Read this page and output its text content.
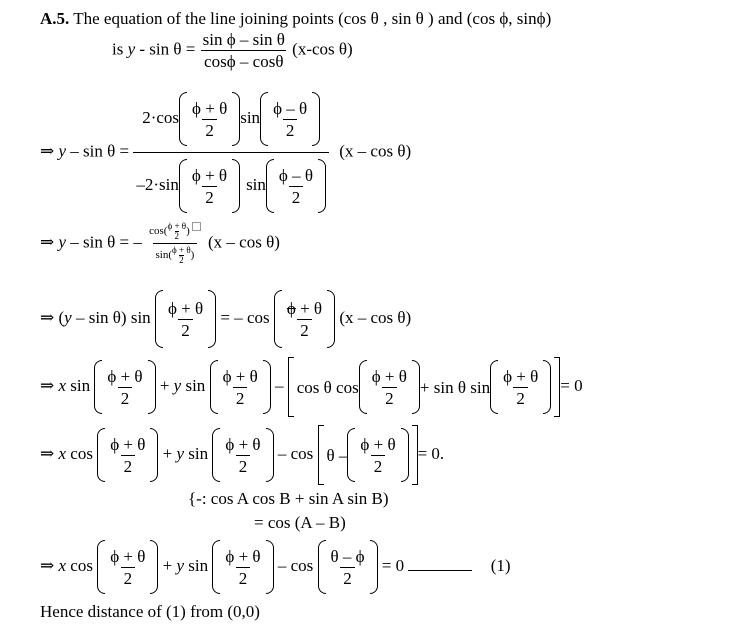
A.5. The equation of the line joining points (cos θ , sin θ ) and (cos ϕ, sinϕ)
is $y - \sin \theta = \frac{\text{sin ϕ – sin θ}}{\cos\phi - \cos\theta} (x-\cos$ θ)
⇒ $y - \sin \theta = \frac{2\cdot\cos \frac{\phi + \theta}{2} \sin \frac{\phi - \theta}{2}}{-2\cdot\sin \frac{\phi + \theta}{2} \sin \frac{\phi - \theta}{2}} (x - \cos \theta)$
⇒ y – sin θ = – $\frac{\cos( \frac{\phi + \theta}{2} )}{\sin( \frac{\phi + \theta}{2} )} (x$ – cos θ)
⇒ (y – sin θ) $\sin \frac{\phi + \theta}{2}$ = – $\cos \frac{\phi + \theta}{2} (x$ – cos θ)
⇒ x $\sin \frac{\phi + \theta}{2} + y$ $\sin \frac{\phi + \theta}{2}$ – cos θ $\cos \frac{\phi + \theta}{2} + \sin \theta$ $\sin \frac{\phi + \theta}{2} = 0$
⇒ x $\cos \frac{\phi + \theta}{2} + y$ $\sin \frac{\phi + \theta}{2} - \cos \theta - \frac{\phi + \theta}{2} = 0$.
{-: cos A cos B + sin A sin B)
= cos (A – B)
⇒ x $\cos \frac{\phi + \theta}{2} + y$ $\sin \frac{\phi + \theta}{2} - \cos \frac{\theta - \phi}{2} = 0$	(1)
Hence distance of (1) from (0,0)
